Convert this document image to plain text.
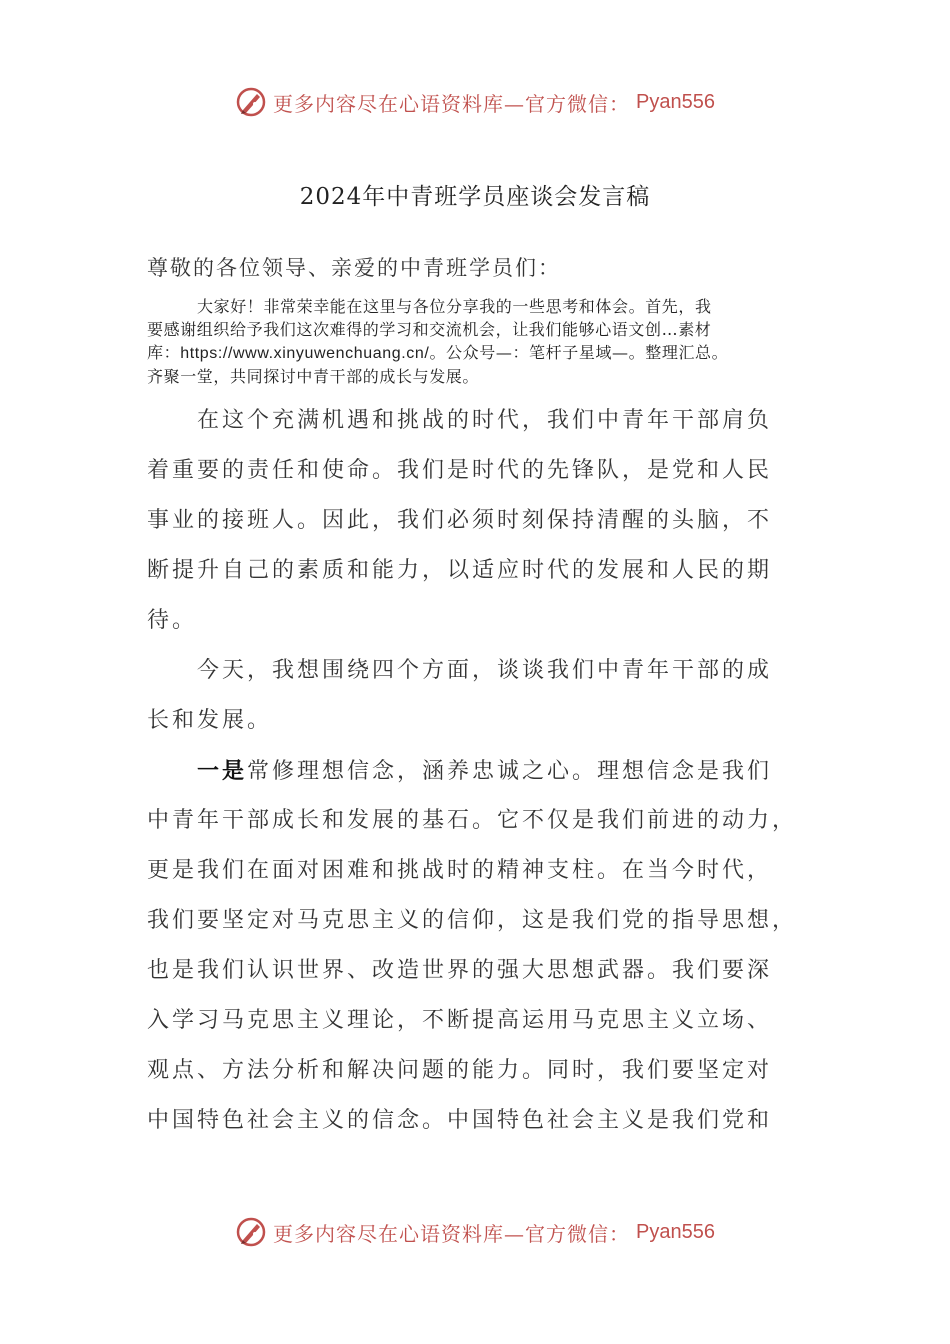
更多内容尽在心语资料库—官方微信： Pyan556
2024年中青班学员座谈会发言稿
尊敬的各位领导、亲爱的中青班学员们：

大家好！非常荣幸能在这里与各位分享我的一些思考和体会。首先，我

要感谢组织给予我们这次难得的学习和交流机会，让我们能够心语文创…素材

库：https://www.xinyuwenchuang.cn/。公众号—：笔杆子星域—。整理汇总。

齐聚一堂，共同探讨中青干部的成长与发展。

在这个充满机遇和挑战的时代，我们中青年干部肩负
着重要的责任和使命。我们是时代的先锋队，是党和人民
事业的接班人。因此，我们必须时刻保持清醒的头脑，不
断提升自己的素质和能力，以适应时代的发展和人民的期
待。
今天，我想围绕四个方面，谈谈我们中青年干部的成
长和发展。
一是常修理想信念，涵养忠诚之心。理想信念是我们
中青年干部成长和发展的基石。它不仅是我们前进的动力，
更是我们在面对困难和挑战时的精神支柱。在当今时代，
我们要坚定对马克思主义的信仰，这是我们党的指导思想，
也是我们认识世界、改造世界的强大思想武器。我们要深
入学习马克思主义理论，不断提高运用马克思主义立场、
观点、方法分析和解决问题的能力。同时，我们要坚定对
中国特色社会主义的信念。中国特色社会主义是我们党和
更多内容尽在心语资料库—官方微信： Pyan556
